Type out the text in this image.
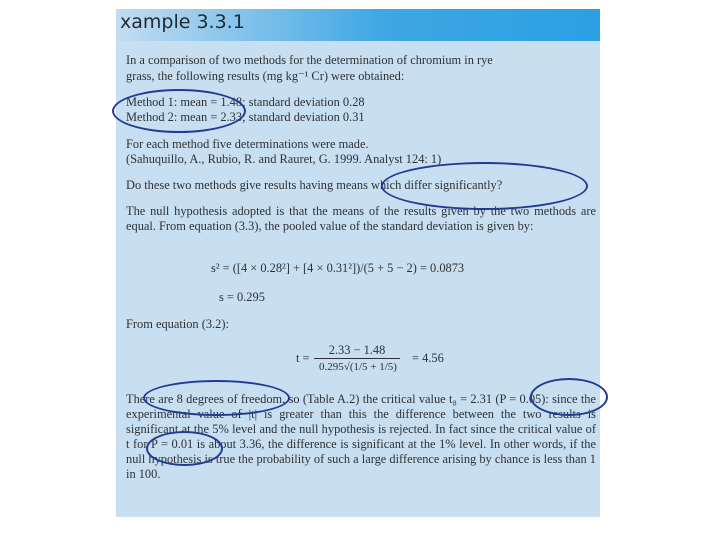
xample 3.3.1
In a comparison of two methods for the determination of chromium in rye
grass, the following results (mg kg⁻¹ Cr) were obtained:
Method 1: mean = 1.48; standard deviation 0.28
Method 2: mean = 2.33; standard deviation 0.31
For each method five determinations were made.
(Sahuquillo, A., Rubio, R. and Rauret, G. 1999. Analyst 124: 1)
Do these two methods give results having means which differ significantly?
The null hypothesis adopted is that the means of the results given by the two methods are equal. From equation (3.3), the pooled value of the standard deviation is given by:
s² = ([4 × 0.28²] + [4 × 0.31²])/(5 + 5 − 2) = 0.0873
s = 0.295
From equation (3.2):
t =
2.33 − 1.48
0.295√(1/5 + 1/5)
= 4.56
There are 8 degrees of freedom, so (Table A.2) the critical value t₈ = 2.31 (P = 0.05): since the experimental value of |t| is greater than this the difference between the two results is significant at the 5% level and the null hypothesis is rejected. In fact since the critical value of t for P = 0.01 is about 3.36, the difference is significant at the 1% level. In other words, if the null hypothesis is true the probability of such a large difference arising by chance is less than 1 in 100.
